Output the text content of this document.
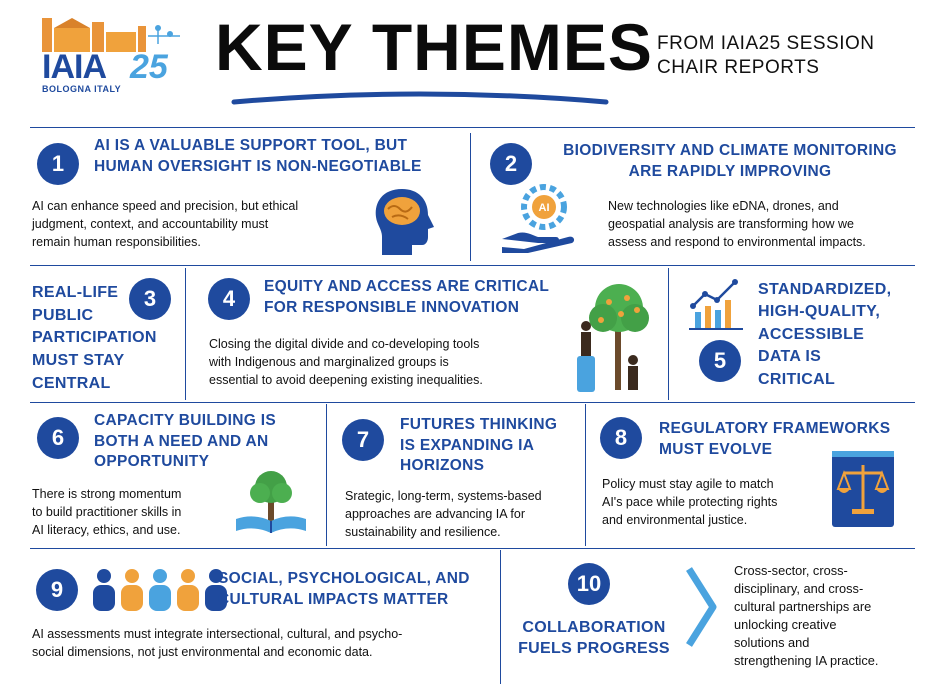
IAIA 25
BOLOGNA ITALY
KEY THEMES FROM IAIA25 SESSION
CHAIR REPORTS
1
AI IS A VALUABLE SUPPORT TOOL, BUT
HUMAN OVERSIGHT IS NON-NEGOTIABLE
AI can enhance speed and precision, but ethical
judgment, context, and accountability must
remain human responsibilities.
2
BIODIVERSITY AND CLIMATE MONITORING
ARE RAPIDLY IMPROVING
AI	New technologies like eDNA, drones, and
geospatial analysis are transforming how we
assess and respond to environmental impacts.
REAL-LIFE
PUBLIC
PARTICIPATION
MUST STAY
CENTRAL
3	4	EQUITY AND ACCESS ARE CRITICAL
FOR RESPONSIBLE INNOVATION
Closing the digital divide and co-developing tools
with Indigenous and marginalized groups is
essential to avoid deepening existing inequalities.
STANDARDIZED,
HIGH-QUALITY,
ACCESSIBLE
DATA IS
CRITICAL
5
6
CAPACITY BUILDING IS
BOTH A NEED AND AN
OPPORTUNITY
There is strong momentum
to build practitioner skills in
AI literacy, ethics, and use.
7
FUTURES THINKING
IS EXPANDING IA
HORIZONS
Srategic, long-term, systems-based
approaches are advancing IA for
sustainability and resilience.
8	REGULATORY FRAMEWORKS
MUST EVOLVE
Policy must stay agile to match
AI's pace while protecting rights
and environmental justice.
9	SOCIAL, PSYCHOLOGICAL, AND
CULTURAL IMPACTS MATTER
AI assessments must integrate intersectional, cultural, and psycho-
social dimensions, not just environmental and economic data.
10
COLLABORATION
FUELS PROGRESS
Cross-sector, cross-
disciplinary, and cross-
cultural partnerships are
unlocking creative
solutions and
strengthening IA practice.
